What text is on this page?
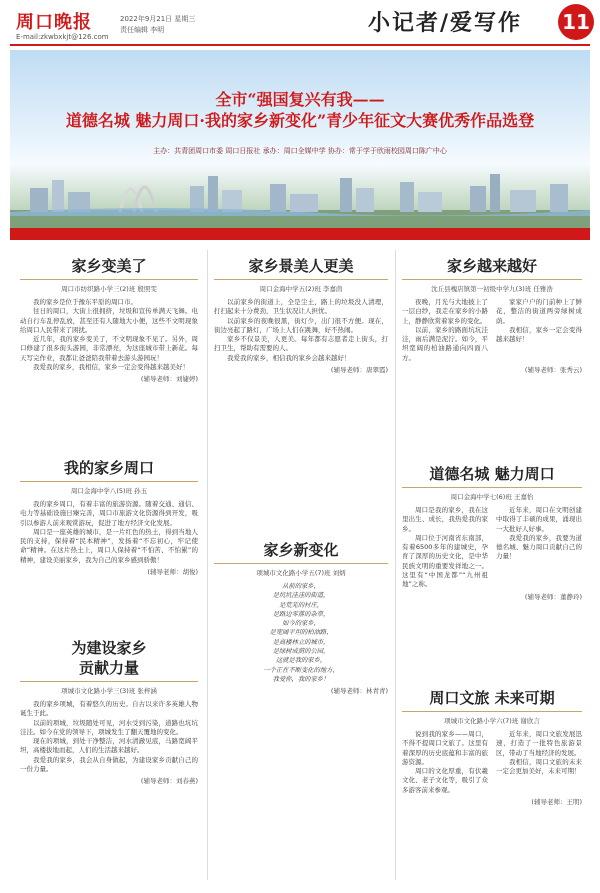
周口晚报	2022年9月21日 星期三
责任编辑 李明
E-mail:zkwbxkjt@126.com
小记者/爱写作 11
全市“强国复兴有我——
道德名城 魅力周口·我的家乡新变化”青少年征文大赛优秀作品选登
主办：共青团周口市委 周口日报社 承办：周口全媒中学 协办：常于学于欣雨校园周口陈广中心
家乡变美了
周口市纺织路小学三(2)班 殷照雯

我的家乡是位于豫东平原的周口市。

往日的周口，大街上很拥挤，垃圾和宣传单满天飞舞。电动自行车乱停乱放，甚至还有人随地大小便，这些不文明现象给周口人民带来了困扰。

近几年，我的家乡变美了，不文明现象不见了。另外，周口修建了很多街头游园，非常漂亮，为这座城市带上新花。每天写完作业，我都让爸爸陪我带着去游头游园玩！

我爱我的家乡，我相信，家乡一定会变得越来越美好！

(辅导老师：刘婕婷)
我的家乡周口
周口金海中学八(5)班 孙玉

我的家乡周口，有着丰富的旅游资源。随着交通、通信、电力等基础设施日臻完善，周口市旅游文化资源得到开发，吸引以参游人前来观赏游玩，促进了地方经济文化发展。

周口是一座英雄的城市，是一片红色的热土，得到当地人民的支持，保持着“民本精神”，发扬着“不忘初心，牢记使命”精神。在这片热土上，周口人保持着“不怕苦、不怕累”的精神，建设美丽家乡，我为自己的家乡感到骄傲！

(辅导老师：胡俊)
为建设家乡
贡献力量
项城市文化路小学三(3)班 张梓涵

我的家乡项城，有着悠久的历史。自古以来许多英雄人物诞生于此。

以前的项城，垃圾随处可见，河水受到污染，道路也坑坑洼洼。如今在党的领导下，项城发生了翻天覆地的变化。

现在的项城，到处干净整洁，河水清澈见底，马路宽阔平坦，高楼拔地而起，人们的生活越来越好。

我爱我的家乡，我会从自身做起，为建设家乡贡献自己的一份力量。

(辅导老师：刘春燕)
家乡景美人更美
周口金海中学五(2)班 李嘉茵

以前家乡的街道上，全是尘土，路上的垃圾没人清理，打扫起来十分费劲，卫生状况让人担忧。

以前家乡的夜晚很黑，街灯少，出门很不方便。现在，街边亮起了路灯，广场上人们在跳舞，好不热闹。

家乡不仅景美，人更美。每年都有志愿者走上街头，打扫卫生，帮助有需要的人。

我爱我的家乡，相信我的家乡会越来越好！

(辅导老师：唐翠霞)
家乡新变化
项城市文化路小学五(7)班 刘炳
从前的家乡，
是坑坑洼洼的街道，
是荒芜的村庄，
是路边零落的杂草，
如今的家乡，
是宽阔平坦的柏油路，
是高楼林立的城市，
是绿树成荫的公园，
这就是我的家乡，
一个正在不断变化的地方，
我爱你，我的家乡！
(辅导老师：林青青)
家乡越来越好
沈丘县槐店镇第一初级中学九(3)班 任雅浩

夜晚，月光与大地披上了一层白纱，我走在家乡的小路上，静静欣赏着家乡的变化。

以前，家乡的路面坑坑洼洼，雨后满是泥泞。如今，平坦宽阔的柏油路通向四面八方。

家家户户的门前种上了鲜花，整洁的街道两旁绿树成荫。

我相信，家乡一定会变得越来越好！

(辅导老师：张秀云)
道德名城 魅力周口
周口金海中学七(6)班 王嘉怡

周口是我的家乡，我在这里出生、成长，我热爱我的家乡。

周口位于河南省东南部，有着6500多年的建城史，孕育了深厚的历史文化，是中华民族文明的重要发祥地之一。这里有“中国龙都”“九州祖地”之称。

近年来，周口在文明创建中取得了丰硕的成果，涌现出一大批好人好事。

我爱我的家乡，我要为道德名城、魅力周口贡献自己的力量！

(辅导老师：董静玲)
周口文旅 未来可期
项城市文化路小学六(7)班 谢欣言

说到我的家乡——周口，不得不提周口文旅了。这里有着深厚的历史底蕴和丰富的旅游资源。

周口的文化厚重，有伏羲文化、老子文化等，吸引了众多游客前来参观。

近年来，周口文旅发展迅速，打造了一批特色旅游景区，带动了当地经济的发展。

我相信，周口文旅的未来一定会更加美好，未来可期！

(辅导老师：王明)
